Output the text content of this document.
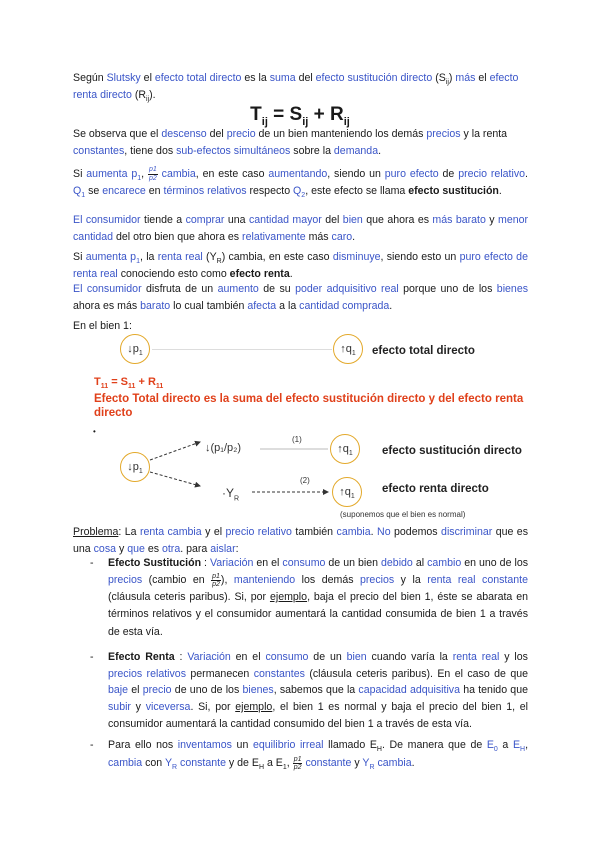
Según Slutsky el efecto total directo es la suma del efecto sustitución directo $(S_{ij})$ más el efecto renta directo $(R_{ij})$.

$T_{ij} = S_{ij} + R_{ij}$

Se observa que el descenso del precio de un bien manteniendo los demás precios y la renta constantes, tiene dos sub-efectos simultáneos sobre la demanda.

Si aumenta $p_1$, $\frac{p1}{p2}$ cambia, en este caso aumentando, siendo un puro efecto de precio relativo. $Q_1$ se encarece en términos relativos respecto $Q_2$, este efecto se llama efecto sustitución.

El consumidor tiende a comprar una cantidad mayor del bien que ahora es más barato y menor cantidad del otro bien que ahora es relativamente más caro.

Si aumenta $p_1$, la renta real $(Y_R)$ cambia, en este caso disminuye, siendo esto un puro efecto de renta real conociendo esto como efecto renta.

El consumidor disfruta de un aumento de su poder adquisitivo real porque uno de los bienes ahora es más barato lo cual también afecta a la cantidad comprada.

En el bien 1:

$↓p_1$	$↑q_1$	efecto total directo
$T_{11} = S_{11} + R_{11}$
Efecto Total directo es la suma del efecto sustitución directo y del efecto renta directo
•
$↓p_1$
↓(p₁/p₂)
(1)
$↑q_1$	efecto sustitución directo
$\cdot Y_R$
(2)
$↑q_1$
efecto renta directo
(suponemos que el bien es normal)

Problema: La renta cambia y el precio relativo también cambia. No podemos discriminar que es una cosa y que es otra. para aislar:

- Efecto Sustitución : Variación en el consumo de un bien debido al cambio en uno de los precios (cambio en $\frac{p1}{p2}$ ), manteniendo los demás precios y la renta real constante (cláusula ceteris paribus). Si, por ejemplo, baja el precio del bien 1, éste se abarata en términos relativos y el consumidor aumentará la cantidad consumida de bien 1 a través de esta vía.
- Efecto Renta : Variación en el consumo de un bien cuando varía la renta real y los precios relativos permanecen constantes (cláusula ceteris paribus). En el caso de que baje el precio de uno de los bienes, sabemos que la capacidad adquisitiva ha tenido que subir y viceversa. Si, por ejemplo, el bien 1 es normal y baja el precio del bien 1, el consumidor aumentará la cantidad consumido del bien 1 a través de esta vía.
- Para ello nos inventamos un equilibrio irreal llamado $E_H$. De manera que de $E_0$ a $E_H$, cambia con $Y_R$ constante y de $E_H$ a $E_1$, $\frac{p1}{p2}$ constante y $Y_R$ cambia.
